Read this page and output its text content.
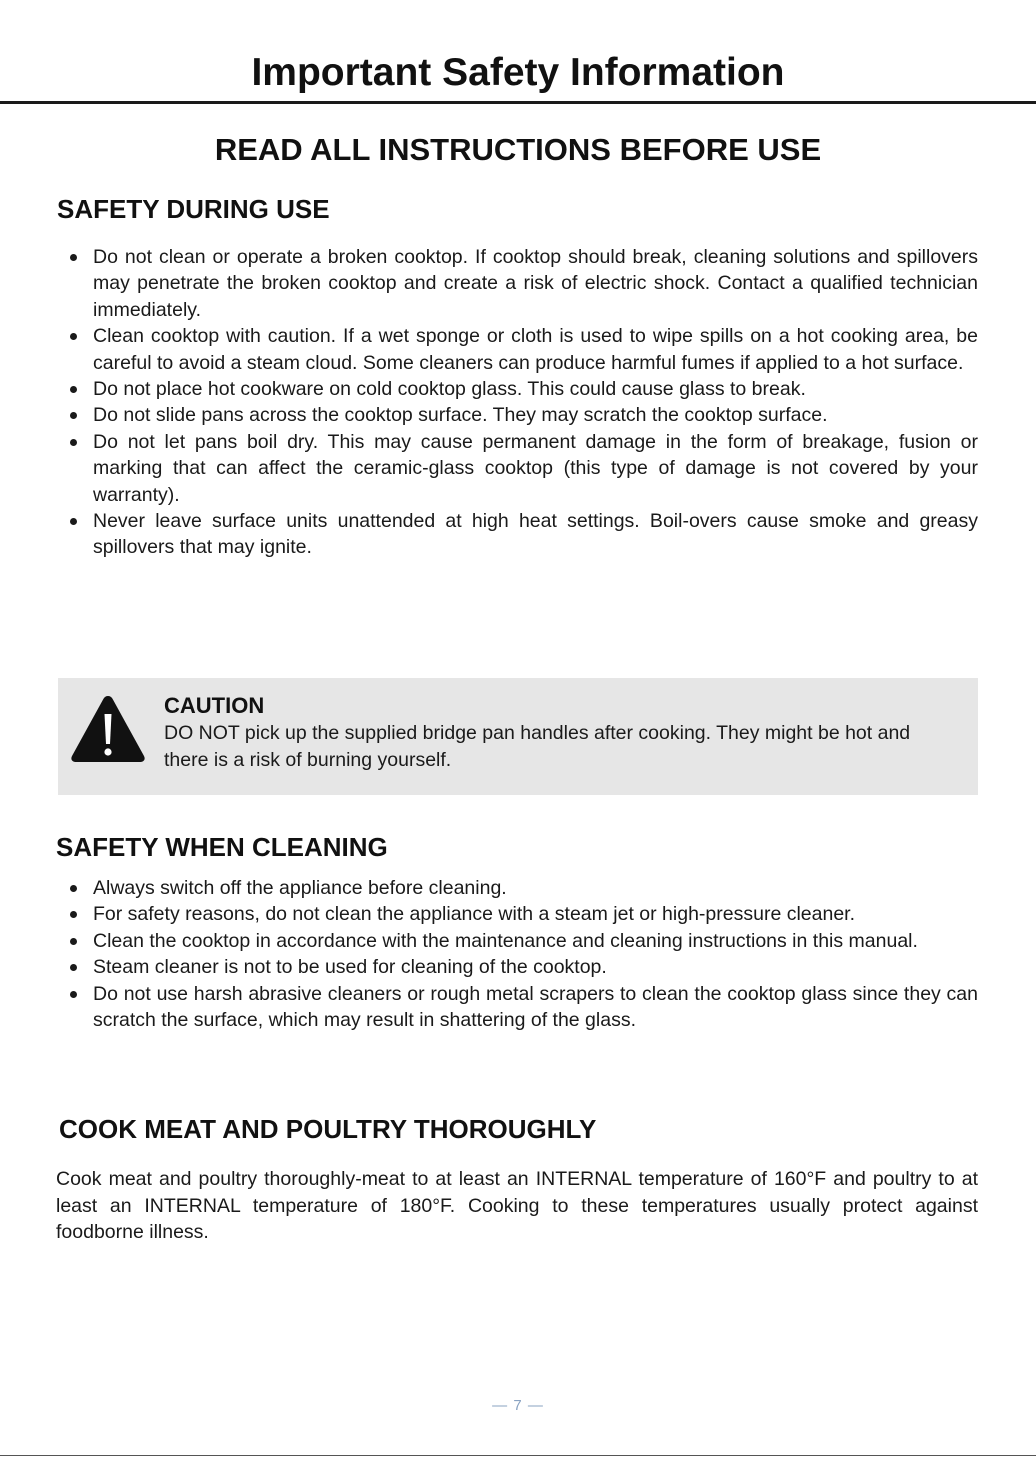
Important Safety Information
READ ALL INSTRUCTIONS BEFORE USE
SAFETY DURING USE
Do not clean or operate a broken cooktop. If cooktop should break, cleaning solutions and spillovers may penetrate the broken cooktop and create a risk of electric shock. Contact a qualified technician immediately.
Clean cooktop with caution. If a wet sponge or cloth is used to wipe spills on a hot cooking area, be careful to avoid a steam cloud. Some cleaners can produce harmful fumes if applied to a hot surface.
Do not place hot cookware on cold cooktop glass. This could cause glass to break.
Do not slide pans across the cooktop surface. They may scratch the cooktop surface.
Do not let pans boil dry. This may cause permanent damage in the form of breakage, fusion or marking that can affect the ceramic-glass cooktop (this type of damage is not covered by your warranty).
Never leave surface units unattended at high heat settings. Boil-overs cause smoke and greasy spillovers that may ignite.
CAUTION

DO NOT pick up the supplied bridge pan handles after cooking. They might be hot and there is a risk of burning yourself.

SAFETY WHEN CLEANING
Always switch off the appliance before cleaning.
For safety reasons, do not clean the appliance with a steam jet or high-pressure cleaner.
Clean the cooktop in accordance with the maintenance and cleaning instructions in this manual.
Steam cleaner is not to be used for cleaning of the cooktop.
Do not use harsh abrasive cleaners or rough metal scrapers to clean the cooktop glass since they can scratch the surface, which may result in shattering of the glass.
COOK MEAT AND POULTRY THOROUGHLY

Cook meat and poultry thoroughly-meat to at least an INTERNAL temperature of 160°F and poultry to at least an INTERNAL temperature of 180°F. Cooking to these temperatures usually protect against foodborne illness.

— 7 —
